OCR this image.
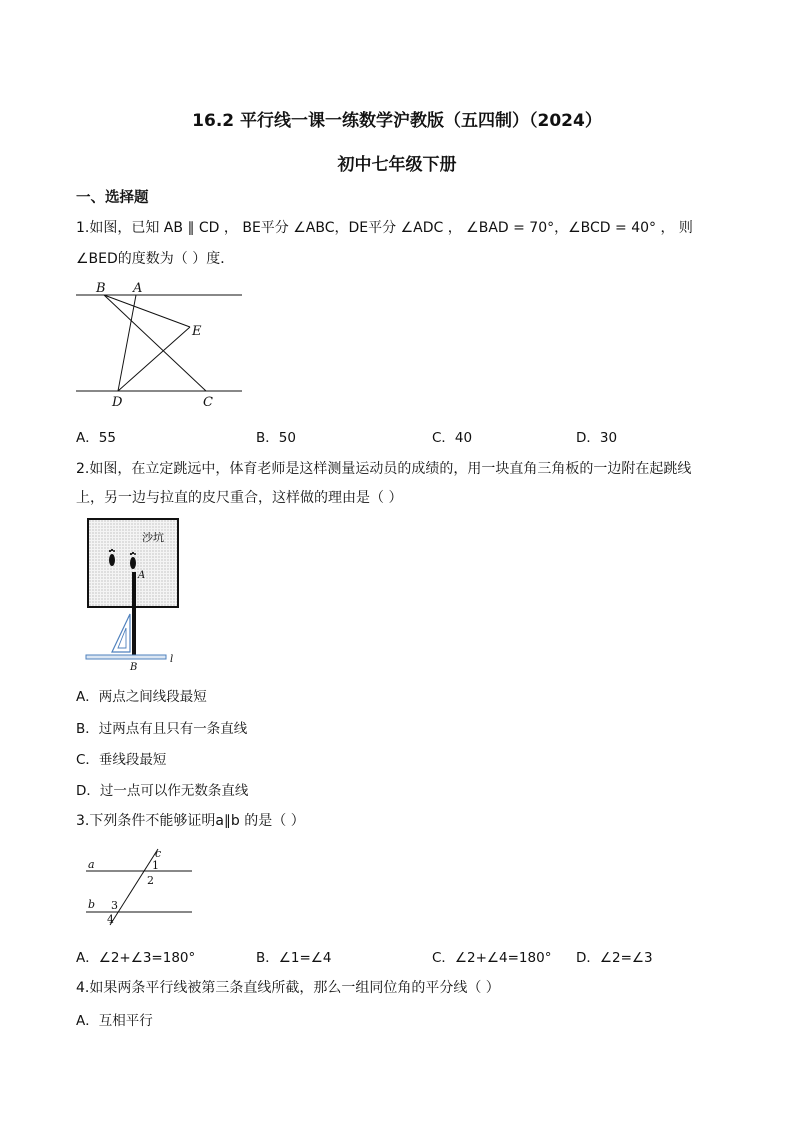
16.2 平行线一课一练数学沪教版（五四制）（2024）
初中七年级下册
一、选择题
1.如图，已知 AB ∥ CD ， BE平分 ∠ABC，DE平分 ∠ADC ， ∠BAD = 70°，∠BCD = 40° ， 则
∠BED的度数为（ ）度．
B A
E
D	C
A．55	B．50	C．40	D．30
2.如图，在立定跳远中，体育老师是这样测量运动员的成绩的，用一块直角三角板的一边附在起跳线
上，另一边与拉直的皮尺重合，这样做的理由是（ ）
沙坑
A
B
l
A．两点之间线段最短
B．过两点有且只有一条直线
C．垂线段最短
D．过一点可以作无数条直线
3.下列条件不能够证明a∥b 的是（ ）
a
b
c
1
2
3
4
A．∠2+∠3=180°	B．∠1=∠4	C．∠2+∠4=180° D．∠2=∠3
4.如果两条平行线被第三条直线所截，那么一组同位角的平分线（ ）
A．互相平行
